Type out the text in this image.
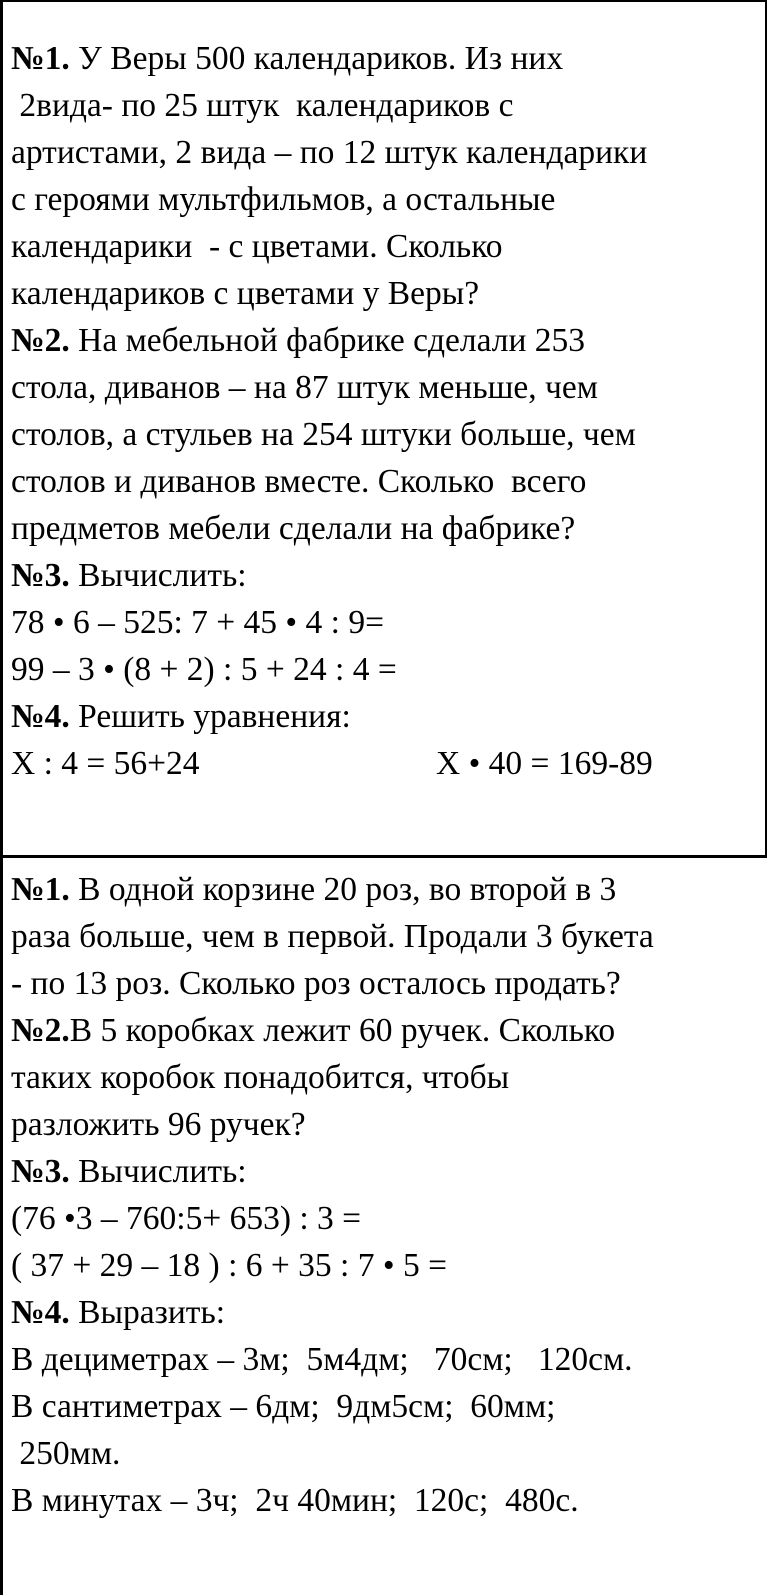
№1. У Веры 500 календариков. Из них
2вида- по 25 штук  календариков с
артистами, 2 вида – по 12 штук календарики
с героями мультфильмов, а остальные
календарики  - с цветами. Сколько
календариков с цветами у Веры?
№2. На мебельной фабрике сделали 253
стола, диванов – на 87 штук меньше, чем
столов, а стульев на 254 штуки больше, чем
столов и диванов вместе. Сколько  всего
предметов мебели сделали на фабрике?
№3. Вычислить:
78 • 6 – 525: 7 + 45 • 4 : 9=
99 – 3 • (8 + 2) : 5 + 24 : 4 =
№4. Решить уравнения:
Х : 4 = 56+24	Х • 40 = 169-89
№1. В одной корзине 20 роз, во второй в 3
раза больше, чем в первой. Продали 3 букета
- по 13 роз. Сколько роз осталось продать?
№2.В 5 коробках лежит 60 ручек. Сколько
таких коробок понадобится, чтобы
разложить 96 ручек?
№3. Вычислить:
(76 •3 – 760:5+ 653) : 3 =
( 37 + 29 – 18 ) : 6 + 35 : 7 • 5 =
№4. Выразить:
В дециметрах – 3м;  5м4дм;   70см;   120см.
В сантиметрах – 6дм;  9дм5см;  60мм;
250мм.
В минутах – 3ч;  2ч 40мин;  120с;  480с.
